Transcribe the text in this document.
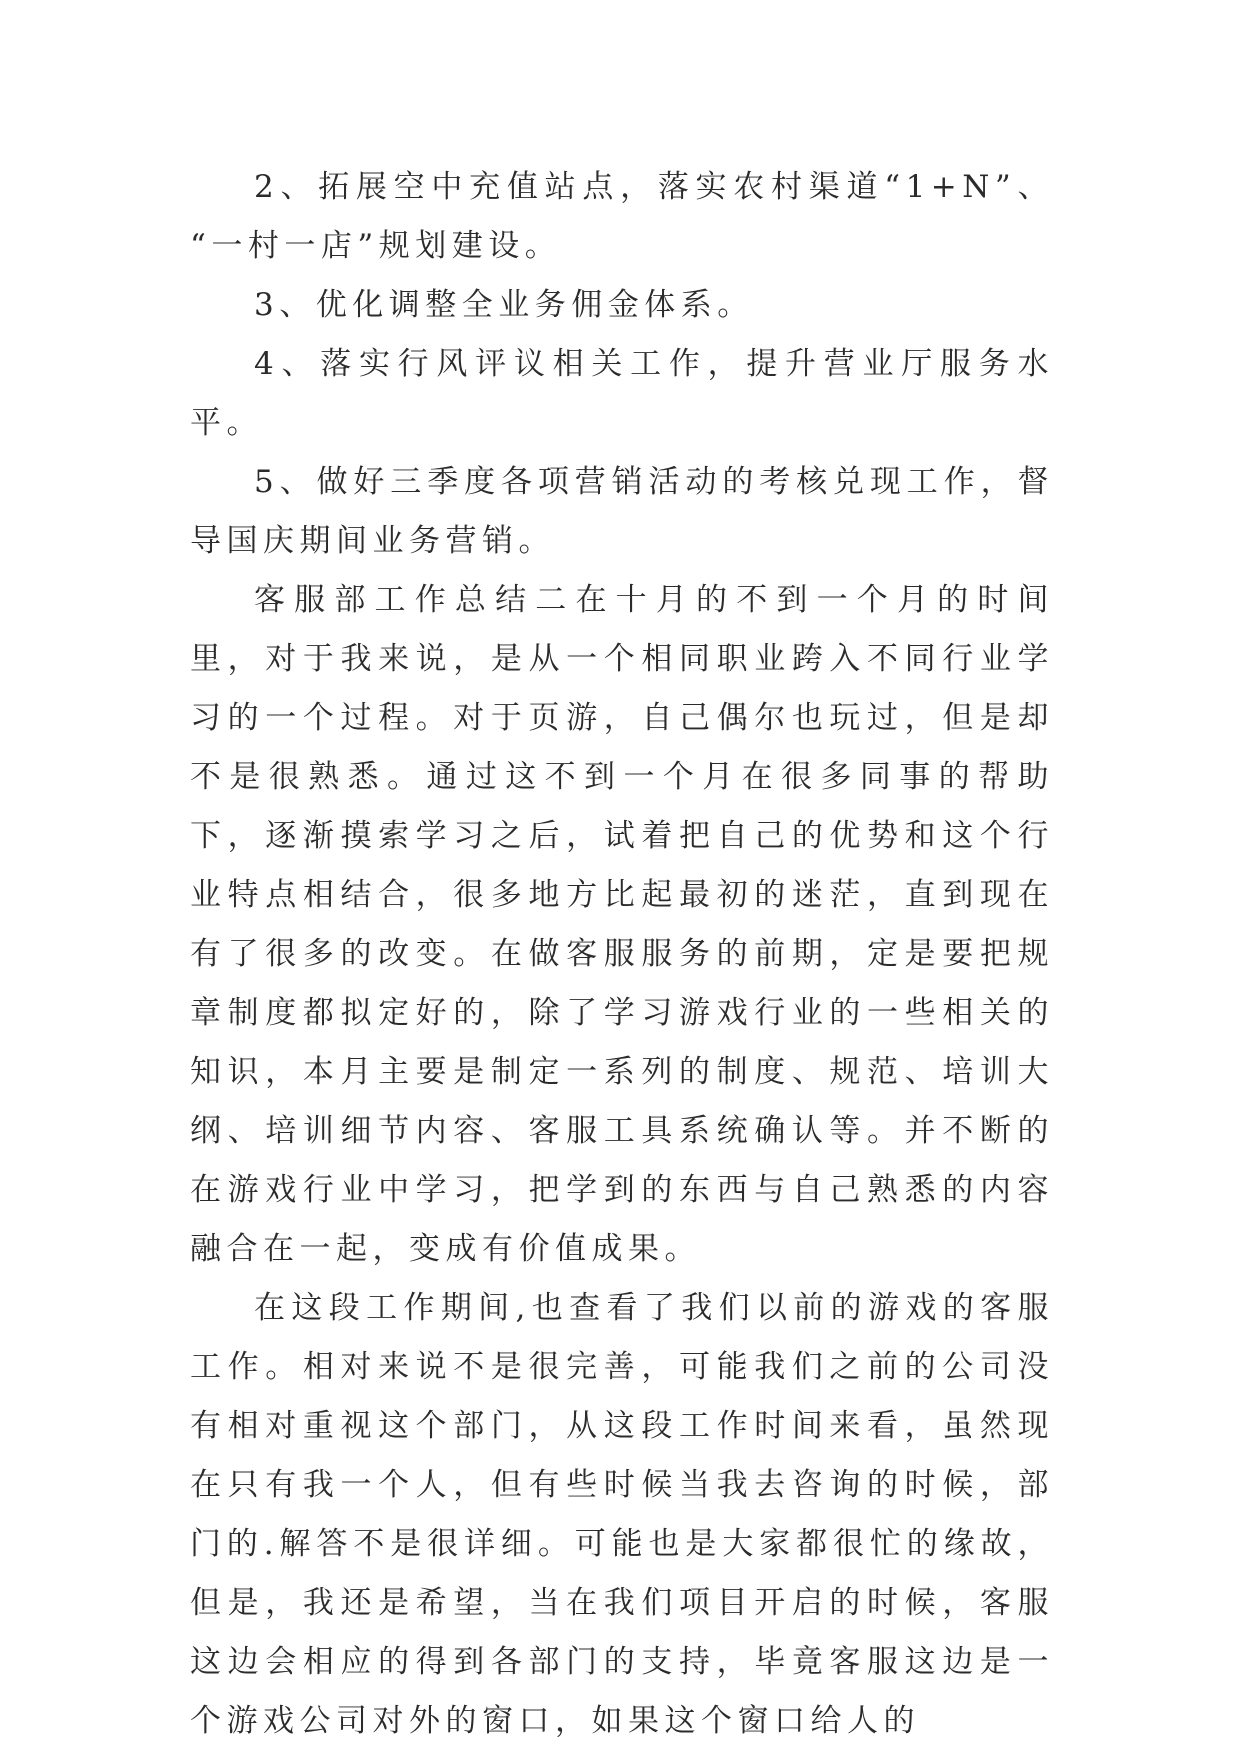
2、拓展空中充值站点，落实农村渠道“1+N”、 “一村一店”规划建设。

3、优化调整全业务佣金体系。

4、落实行风评议相关工作，提升营业厅服务水平。

5、做好三季度各项营销活动的考核兑现工作，督导国庆期间业务营销。

客服部工作总结二在十月的不到一个月的时间里，对于我来说，是从一个相同职业跨入不同行业学习的一个过程。对于页游，自己偶尔也玩过，但是却不是很熟悉。通过这不到一个月在很多同事的帮助下，逐渐摸索学习之后，试着把自己的优势和这个行业特点相结合，很多地方比起最初的迷茫，直到现在有了很多的改变。在做客服服务的前期，定是要把规章制度都拟定好的，除了学习游戏行业的一些相关的知识，本月主要是制定一系列的制度、规范、培训大纲、培训细节内容、客服工具系统确认等。并不断的在游戏行业中学习，把学到的东西与自己熟悉的内容融合在一起，变成有价值成果。

在这段工作期间,也查看了我们以前的游戏的客服工作。相对来说不是很完善，可能我们之前的公司没有相对重视这个部门，从这段工作时间来看，虽然现在只有我一个人，但有些时候当我去咨询的时候，部门的.解答不是很详细。可能也是大家都很忙的缘故，但是，我还是希望，当在我们项目开启的时候，客服这边会相应的得到各部门的支持，毕竟客服这边是一个游戏公司对外的窗口，如果这个窗口给人的
